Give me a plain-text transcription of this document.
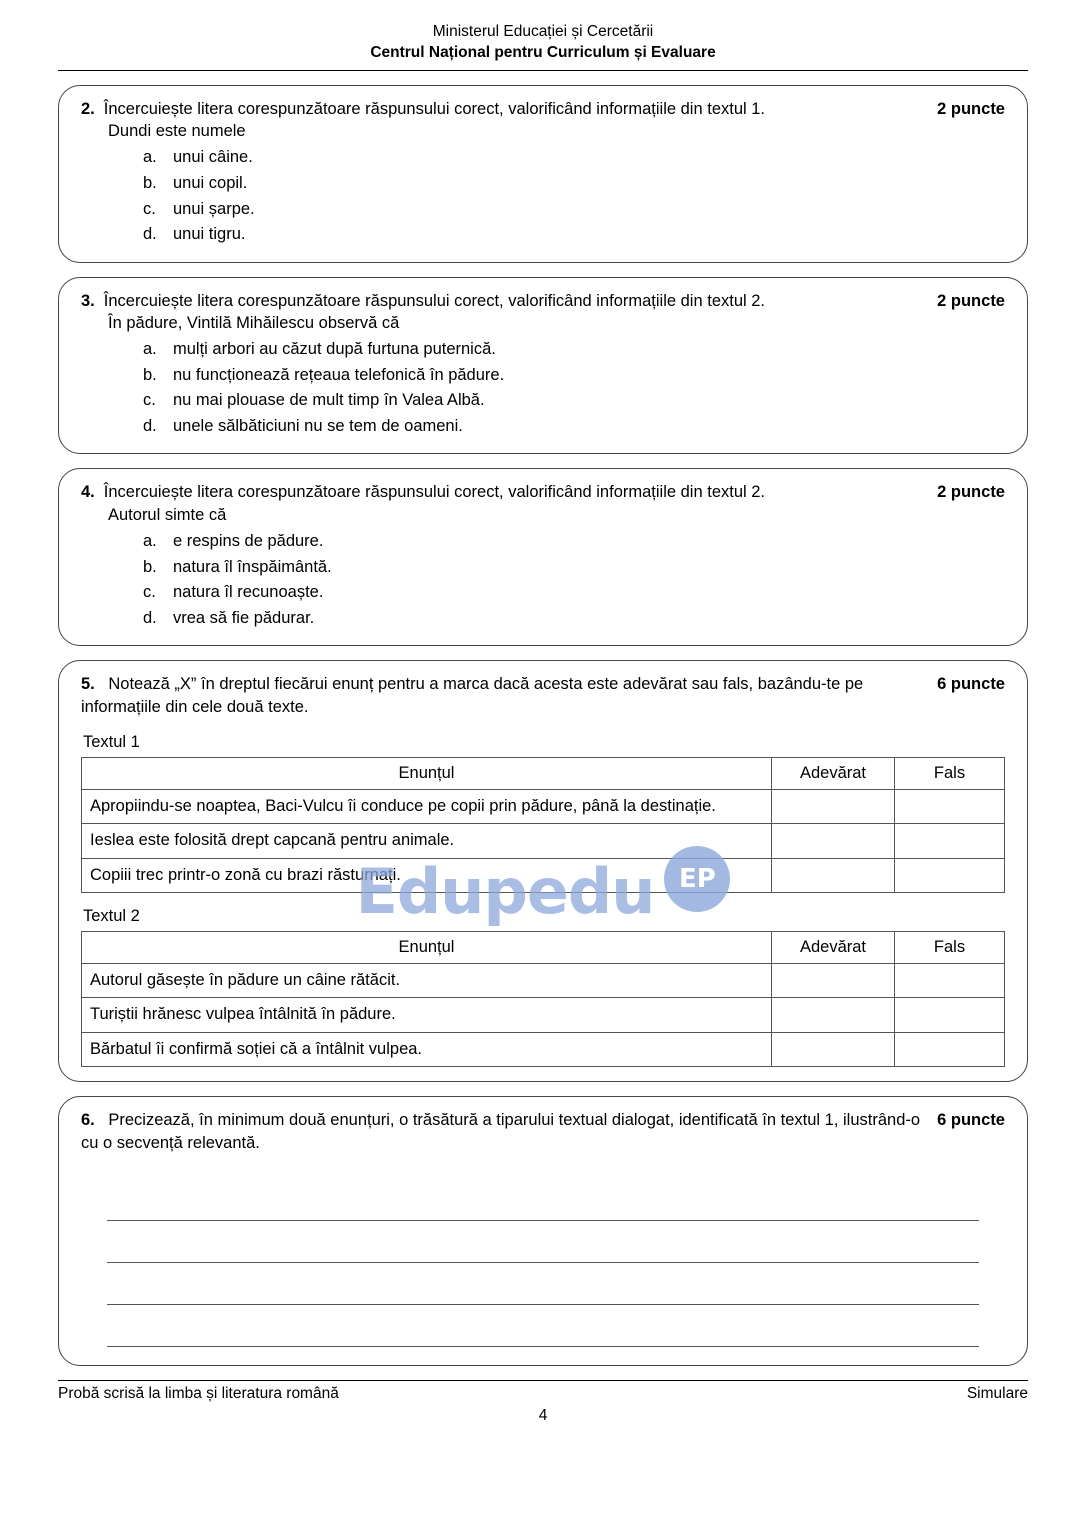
Ministerul Educației și Cercetării
Centrul Național pentru Curriculum și Evaluare
2. Încercuiește litera corespunzătoare răspunsului corect, valorificând informațiile din textul 1.	2 puncte
Dundi este numele
a. unui câine.
b. unui copil.
c.	unui șarpe.
d. unui tigru.
3. Încercuiește litera corespunzătoare răspunsului corect, valorificând informațiile din textul 2.	2 puncte
În pădure, Vintilă Mihăilescu observă că
a. mulți arbori au căzut după furtuna puternică.
b. nu funcționează rețeaua telefonică în pădure.
c.	nu mai plouase de mult timp în Valea Albă.
d. unele sălbăticiuni nu se tem de oameni.
4. Încercuiește litera corespunzătoare răspunsului corect, valorificând informațiile din textul 2.	2 puncte
Autorul simte că
a. e respins de pădure.
b. natura îl înspăimântă.
c.	natura îl recunoaște.
d. vrea să fie pădurar.
6 puncte
5. Notează „X” în dreptul fiecărui enunț pentru a marca dacă acesta este adevărat sau fals, bazându-te pe informațiile din cele două texte.
Textul 1
Enunțul	Adevărat	Fals
Apropiindu-se noaptea, Baci-Vulcu îi conduce pe copii prin pădure, până la destinație.		
Ieslea este folosită drept capcană pentru animale.		
Copiii trec printr-o zonă cu brazi răsturnați.		
Textul 2
Enunțul	Adevărat	Fals
Autorul găsește în pădure un câine rătăcit.		
Turiștii hrănesc vulpea întâlnită în pădure.		
Bărbatul îi confirmă soției că a întâlnit vulpea.		
6 puncte
6. Precizează, în minimum două enunțuri, o trăsătură a tiparului textual dialogat, identificată în textul 1, ilustrând-o cu o secvență relevantă.
Probă scrisă la limba și literatura română	Simulare
4
Edupedu EP
